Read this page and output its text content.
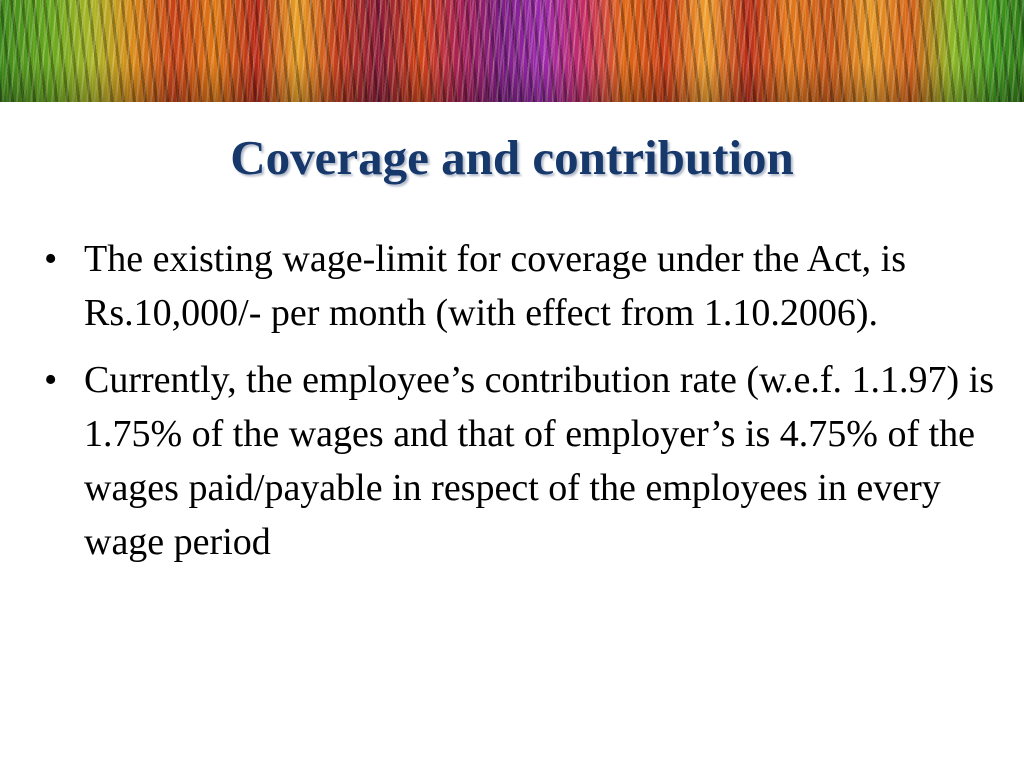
Coverage and contribution
• The existing wage-limit for coverage under the Act, is Rs.10,000/- per month (with effect from 1.10.2006).
• Currently, the employee’s contribution rate (w.e.f. 1.1.97) is 1.75% of the wages and that of employer’s is 4.75% of the wages paid/payable in respect of the employees in every wage period
